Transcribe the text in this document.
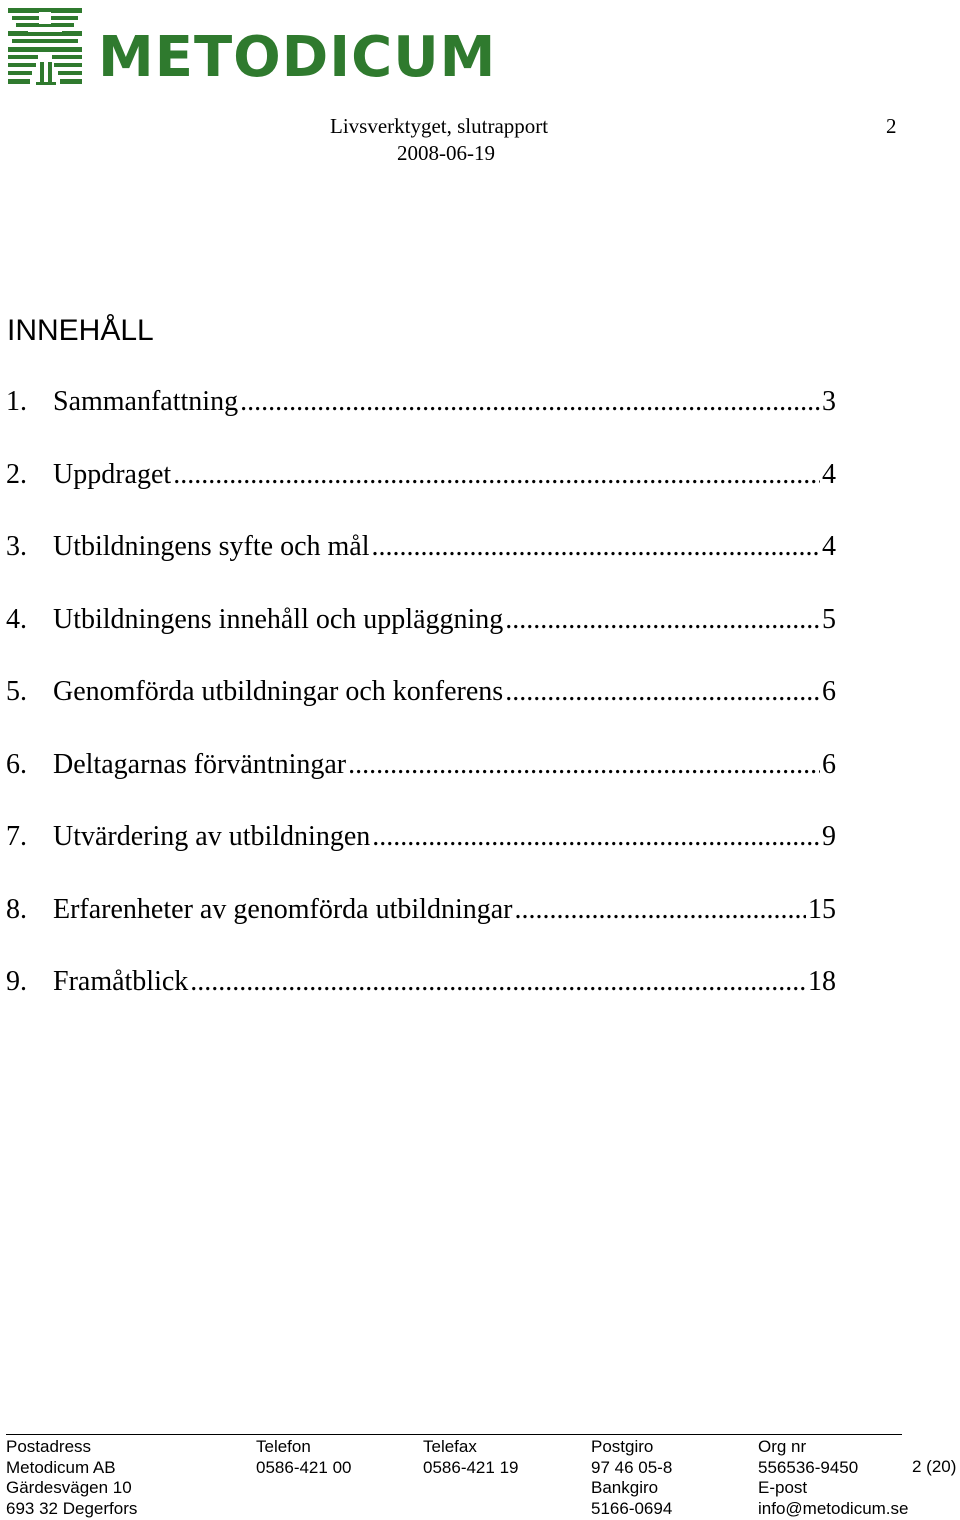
METODICUM
Livsverktyget, slutrapport
2008-06-19
2
INNEHÅLL
1. Sammanfattning .....	3
2. Uppdraget .....	4
3. Utbildningens syfte och mål .....	4
4. Utbildningens innehåll och uppläggning .....	5
5. Genomförda utbildningar och konferens .....	6
6. Deltagarnas förväntningar .....	6
7. Utvärdering av utbildningen .....	9
8. Erfarenheter av genomförda utbildningar .....	15
9. Framåtblick .....	18
Postadress
Metodicum AB
Gärdesvägen 10
693 32 Degerfors
Telefon
0586-421 00
Telefax
0586-421 19
Postgiro
97 46 05-8
Bankgiro
5166-0694
Org nr
556536-9450
E-post
info@metodicum.se
2 (20)
